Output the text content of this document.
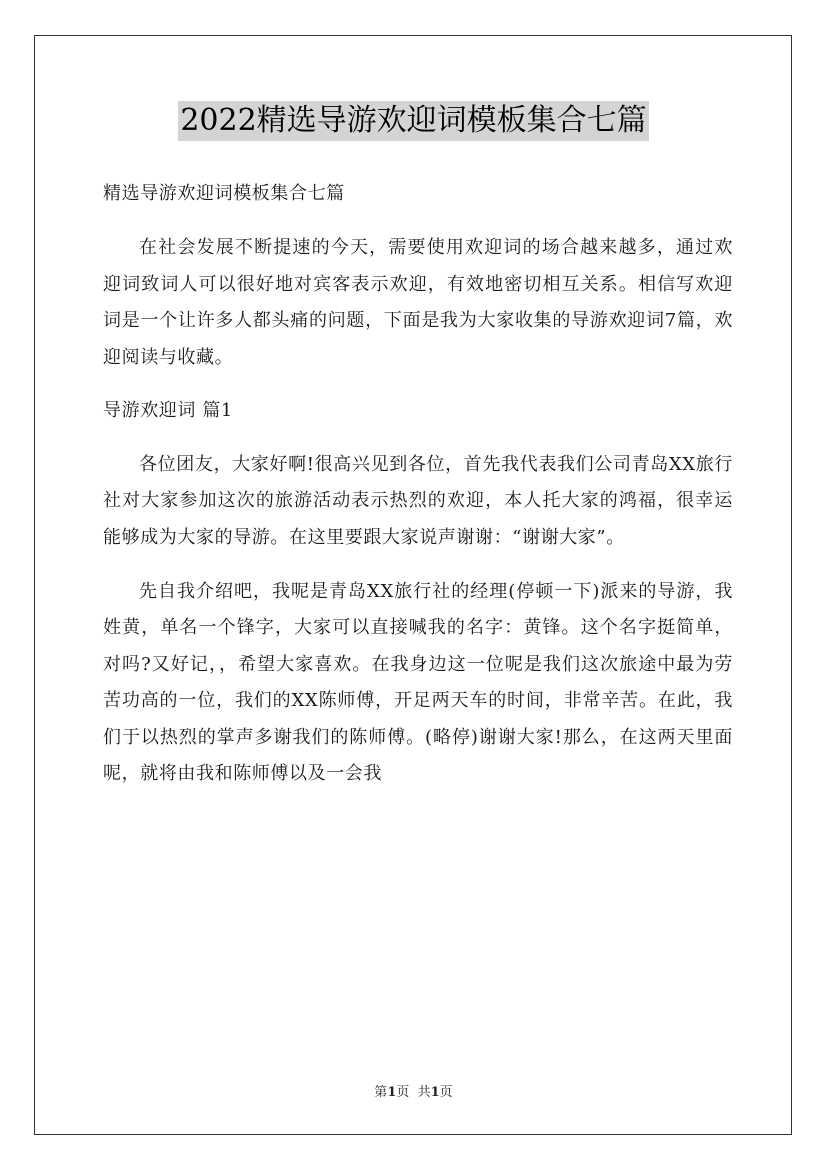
2022精选导游欢迎词模板集合七篇

精选导游欢迎词模板集合七篇

在社会发展不断提速的今天，需要使用欢迎词的场合越来越多，通过欢迎词致词人可以很好地对宾客表示欢迎，有效地密切相互关系。相信写欢迎词是一个让许多人都头痛的问题，下面是我为大家收集的导游欢迎词7篇，欢迎阅读与收藏。

导游欢迎词 篇1

各位团友，大家好啊!很高兴见到各位，首先我代表我们公司青岛XX旅行社对大家参加这次的旅游活动表示热烈的欢迎，本人托大家的鸿福，很幸运能够成为大家的导游。在这里要跟大家说声谢谢：“谢谢大家”。

先自我介绍吧，我呢是青岛XX旅行社的经理(停顿一下)派来的导游，我姓黄，单名一个锋字，大家可以直接喊我的名字：黄锋。这个名字挺简单，对吗?又好记，，希望大家喜欢。在我身边这一位呢是我们这次旅途中最为劳苦功高的一位，我们的XX陈师傅，开足两天车的时间，非常辛苦。在此，我们于以热烈的掌声多谢我们的陈师傅。(略停)谢谢大家!那么，在这两天里面呢，就将由我和陈师傅以及一会我

第1页  共1页
